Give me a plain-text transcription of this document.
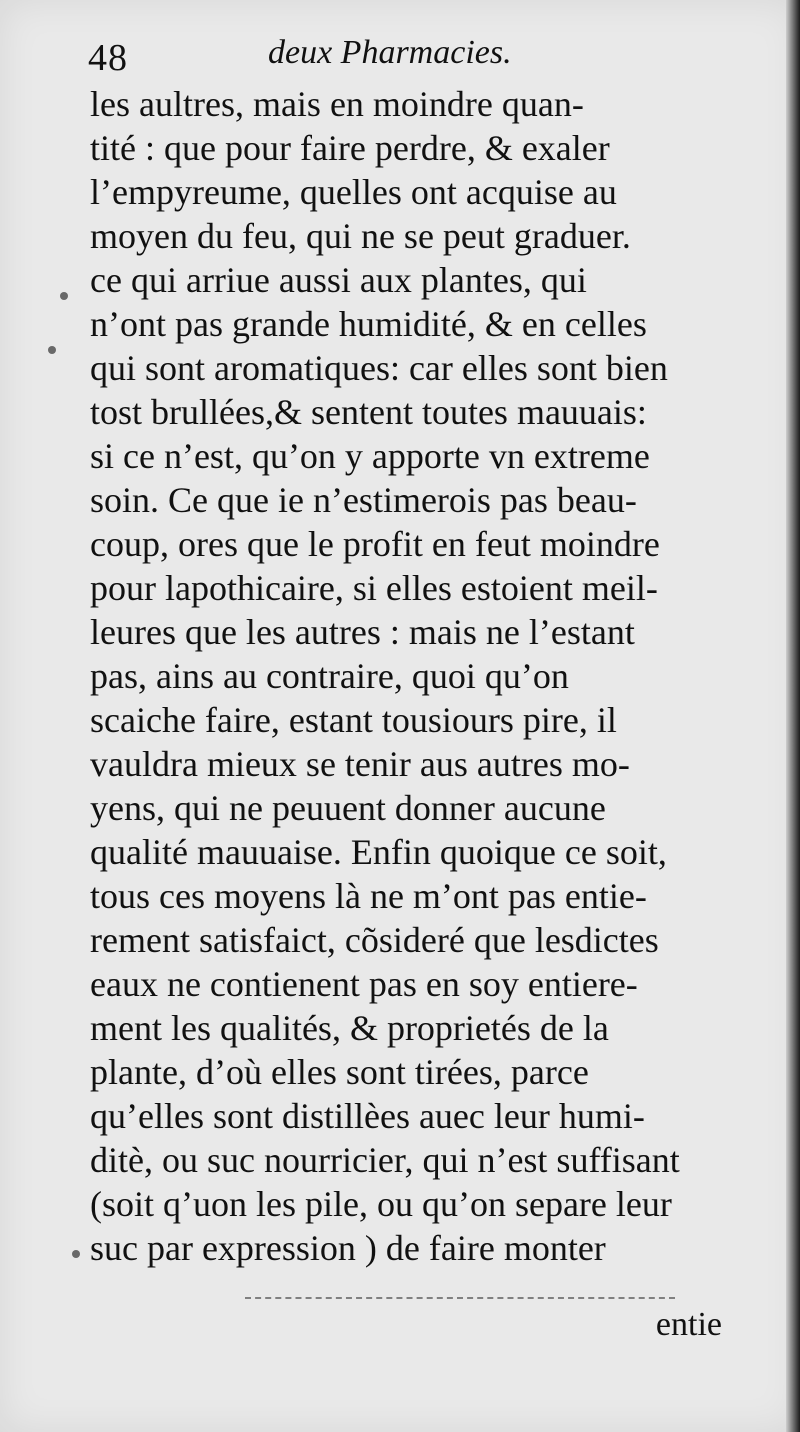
48	deux Pharmacies.
les aultres, mais en moindre quan-
tité : que pour faire perdre, & exaler
l’empyreume, quelles ont acquise au
moyen du feu, qui ne se peut graduer.
ce qui arriue aussi aux plantes, qui
n’ont pas grande humidité, & en celles
qui sont aromatiques: car elles sont bien
tost brullées,& sentent toutes mauuais:
si ce n’est, qu’on y apporte vn extreme
soin. Ce que ie n’estimerois pas beau-
coup, ores que le profit en feut moindre
pour lapothicaire, si elles estoient meil-
leures que les autres : mais ne l’estant
pas, ains au contraire, quoi qu’on
scaiche faire, estant tousiours pire, il
vauldra mieux se tenir aus autres mo-
yens, qui ne peuuent donner aucune
qualité mauuaise. Enfin quoique ce soit,
tous ces moyens là ne m’ont pas entie-
rement satisfaict, cõsideré que lesdictes
eaux ne contienent pas en soy entiere-
ment les qualités, & proprietés de la
plante, d’où elles sont tirées, parce
qu’elles sont distillèes auec leur humi-
ditè, ou suc nourricier, qui n’est suffisant
(soit q’uon les pile, ou qu’on separe leur
suc par expression ) de faire monter
entie
